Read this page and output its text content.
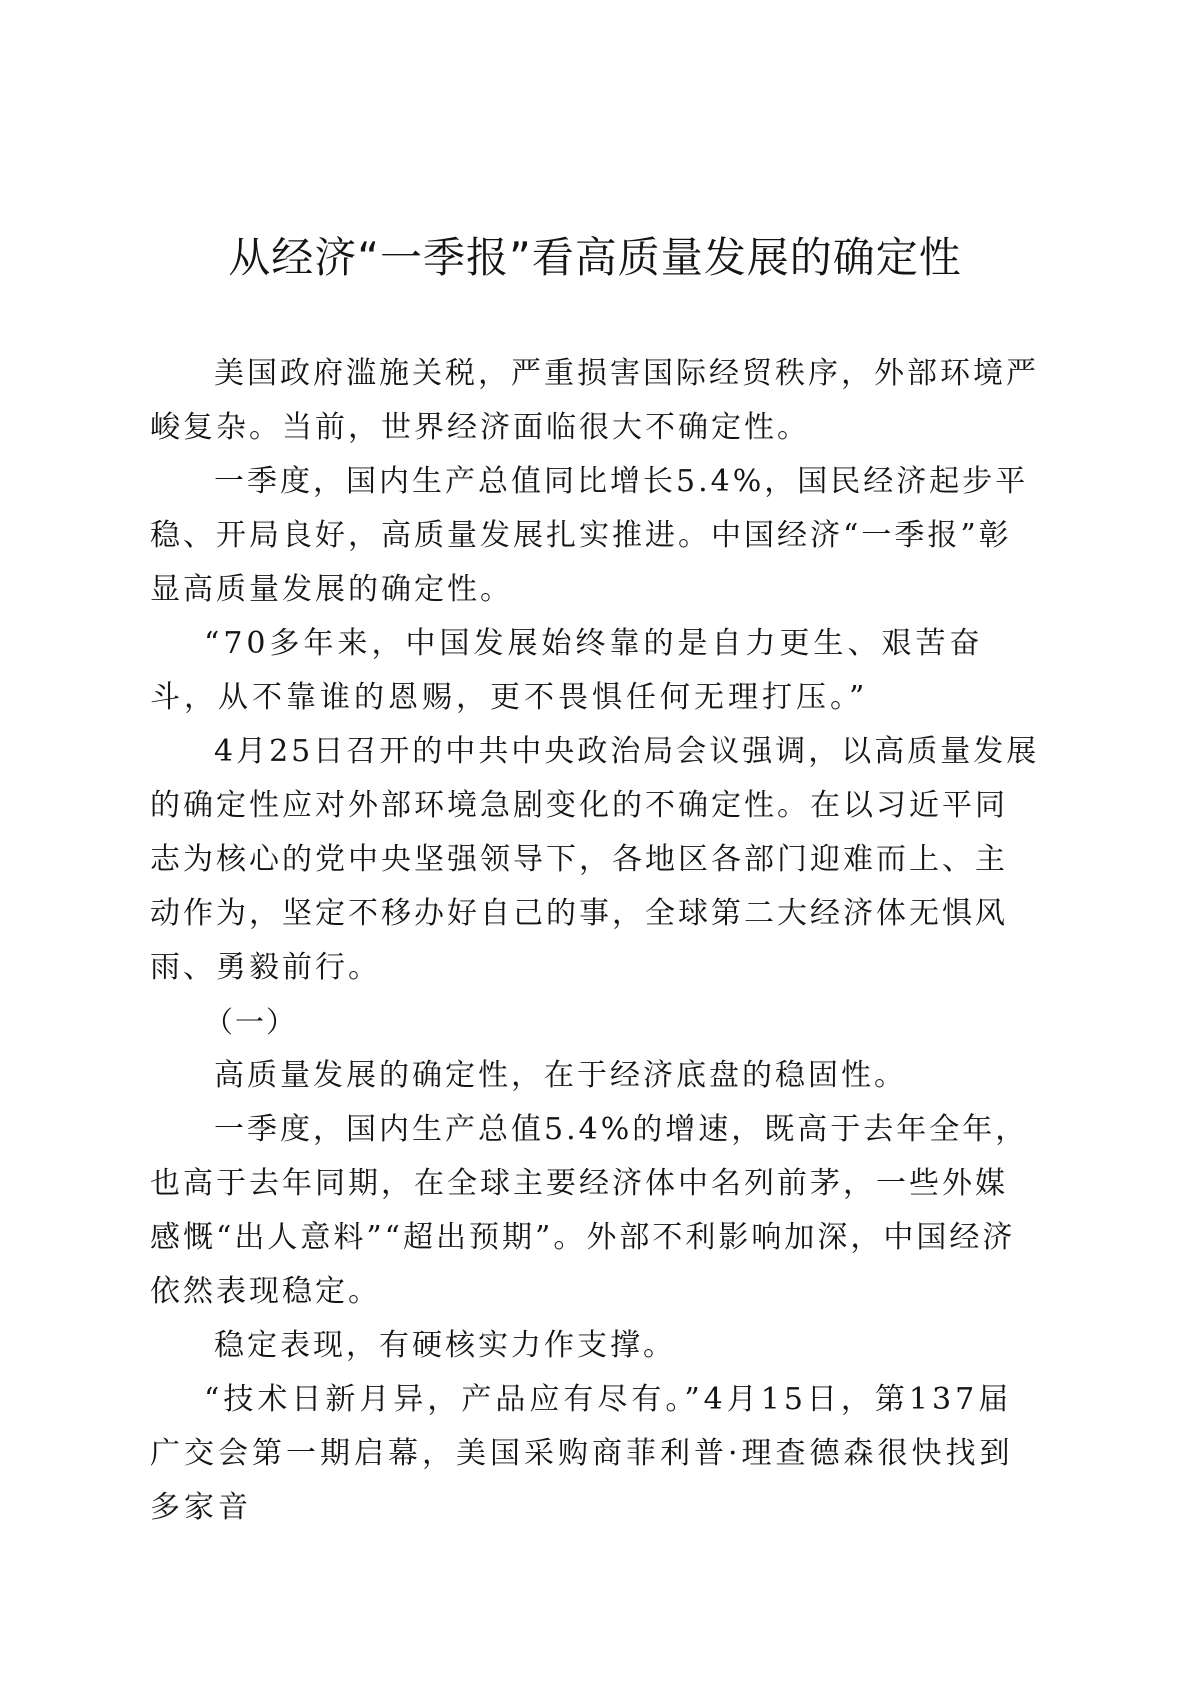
从经济“一季报”看高质量发展的确定性

美国政府滥施关税，严重损害国际经贸秩序，外部环境严峻复杂。当前，世界经济面临很大不确定性。

一季度，国内生产总值同比增长5.4%，国民经济起步平稳、开局良好，高质量发展扎实推进。中国经济“一季报”彰显高质量发展的确定性。

“70多年来，中国发展始终靠的是自力更生、艰苦奋斗，从不靠谁的恩赐，更不畏惧任何无理打压。”

4月25日召开的中共中央政治局会议强调，以高质量发展的确定性应对外部环境急剧变化的不确定性。在以习近平同志为核心的党中央坚强领导下，各地区各部门迎难而上、主动作为，坚定不移办好自己的事，全球第二大经济体无惧风雨、勇毅前行。

（一）

高质量发展的确定性，在于经济底盘的稳固性。

一季度，国内生产总值5.4%的增速，既高于去年全年，也高于去年同期，在全球主要经济体中名列前茅，一些外媒感慨“出人意料”“超出预期”。外部不利影响加深，中国经济依然表现稳定。

稳定表现，有硬核实力作支撑。

“技术日新月异，产品应有尽有。”4月15日，第137届广交会第一期启幕，美国采购商菲利普·理查德森很快找到多家音
